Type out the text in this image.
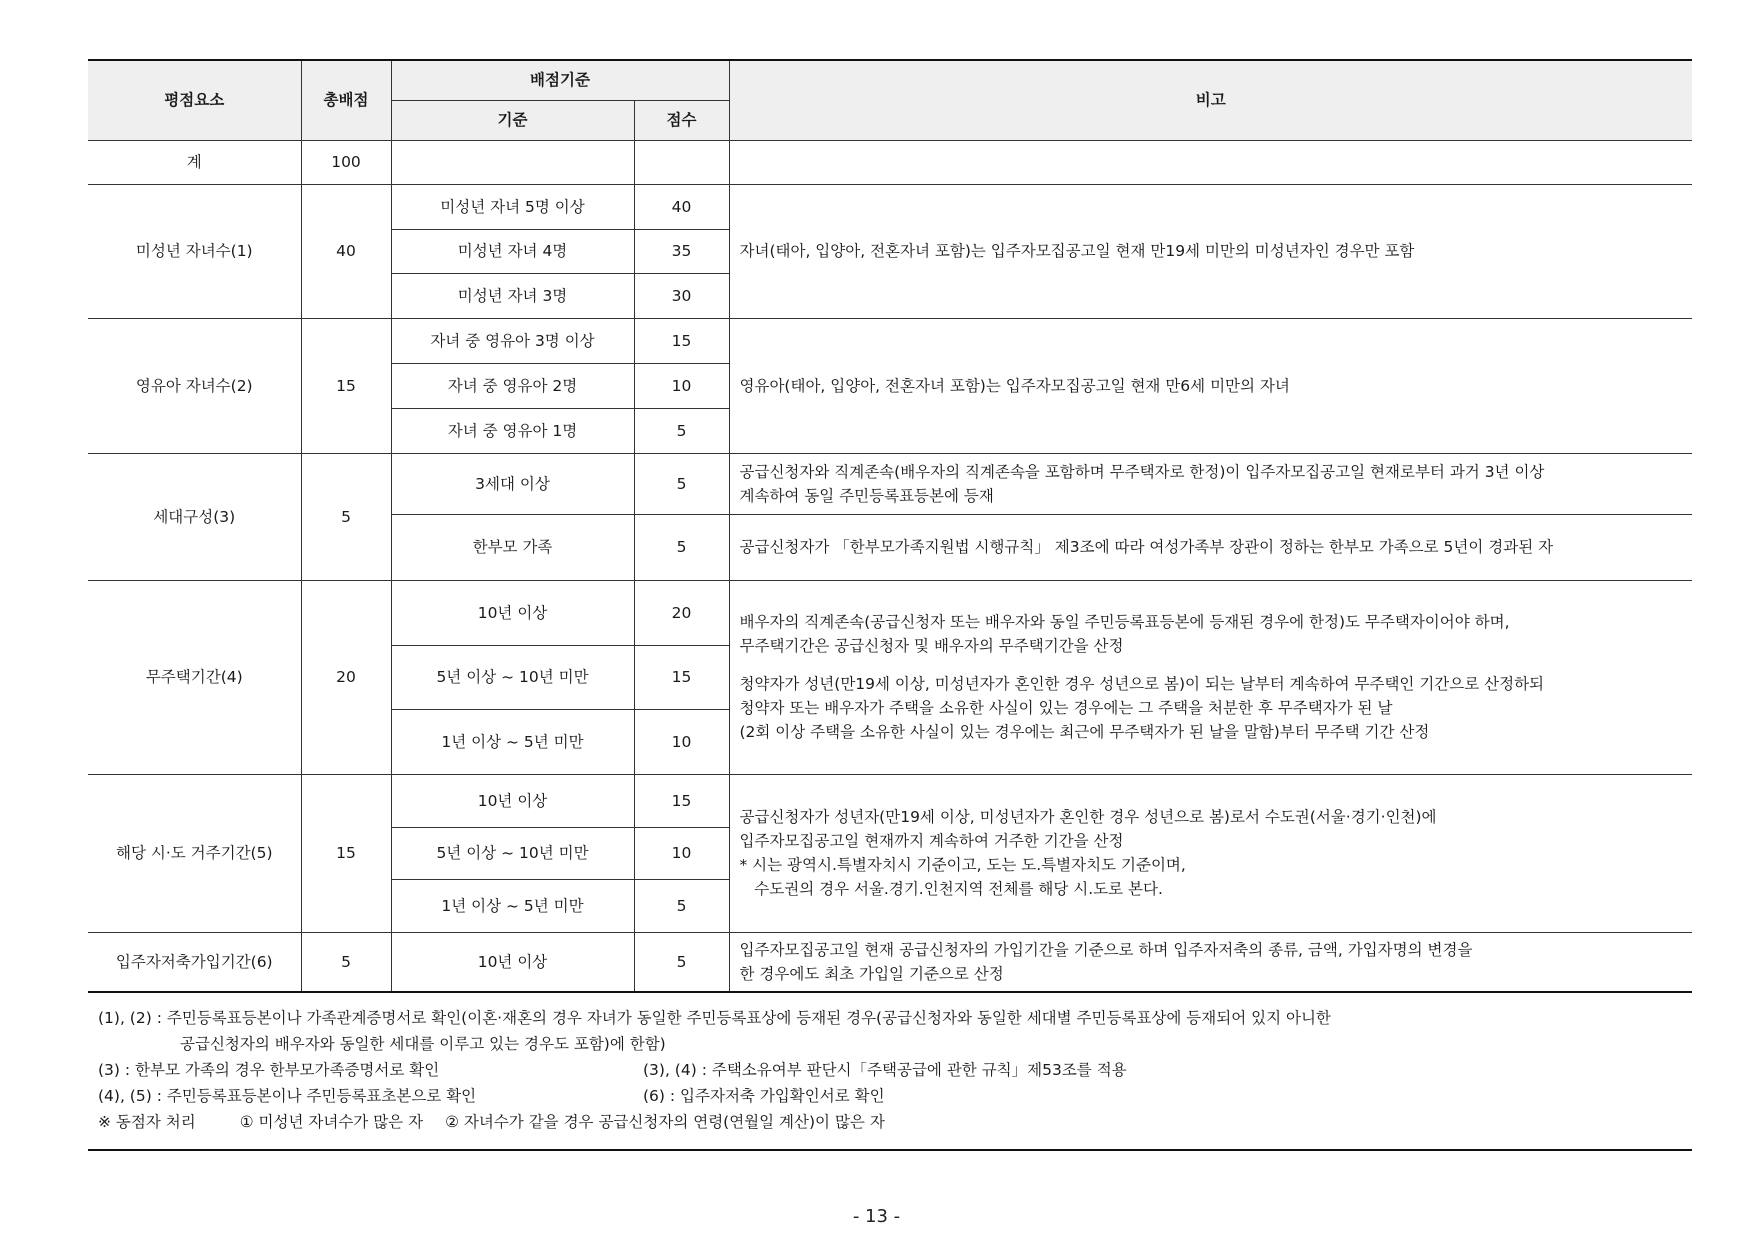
평점요소	총배점	배점기준		비고
		기준	점수	
계	100			
미성년 자녀수(1)	40	미성년 자녀 5명 이상	40	자녀(태아, 입양아, 전혼자녀 포함)는 입주자모집공고일 현재 만19세 미만의 미성년자인 경우만 포함
		미성년 자녀 4명	35	
		미성년 자녀 3명	30	
영유아 자녀수(2)	15	자녀 중 영유아 3명 이상	15	영유아(태아, 입양아, 전혼자녀 포함)는 입주자모집공고일 현재 만6세 미만의 자녀
		자녀 중 영유아 2명	10	
		자녀 중 영유아 1명	5	
세대구성(3)	5	3세대 이상	5	공급신청자와 직계존속(배우자의 직계존속을 포함하며 무주택자로 한정)이 입주자모집공고일 현재로부터 과거 3년 이상
계속하여 동일 주민등록표등본에 등재

		한부모 가족	5	공급신청자가 「한부모가족지원법 시행규칙」 제3조에 따라 여성가족부 장관이 정하는 한부모 가족으로 5년이 경과된 자

무주택기간(4)	20	10년 이상	20	배우자의 직계존속(공급신청자 또는 배우자와 동일 주민등록표등본에 등재된 경우에 한정)도 무주택자이어야 하며,
무주택기간은 공급신청자 및 배우자의 무주택기간을 산정
청약자가 성년(만19세 이상, 미성년자가 혼인한 경우 성년으로 봄)이 되는 날부터 계속하여 무주택인 기간으로 산정하되
청약자 또는 배우자가 주택을 소유한 사실이 있는 경우에는 그 주택을 처분한 후 무주택자가 된 날
(2회 이상 주택을 소유한 사실이 있는 경우에는 최근에 무주택자가 된 날을 말함)부터 무주택 기간 산정

		5년 이상 ~ 10년 미만	15	
		1년 이상 ~ 5년 미만	10	
해당 시·도 거주기간(5)	15	10년 이상	15	공급신청자가 성년자(만19세 이상, 미성년자가 혼인한 경우 성년으로 봄)로서 수도권(서울·경기·인천)에
입주자모집공고일 현재까지 계속하여 거주한 기간을 산정
* 시는 광역시.특별자치시 기준이고, 도는 도.특별자치도 기준이며,
수도권의 경우 서울.경기.인천지역 전체를 해당 시.도로 본다.

		5년 이상 ~ 10년 미만	10	
		1년 이상 ~ 5년 미만	5	
입주자저축가입기간(6)	5	10년 이상	5	입주자모집공고일 현재 공급신청자의 가입기간을 기준으로 하며 입주자저축의 종류, 금액, 가입자명의 변경을
한 경우에도 최초 가입일 기준으로 산정
(1), (2) : 주민등록표등본이나 가족관계증명서로 확인(이혼·재혼의 경우 자녀가 동일한 주민등록표상에 등재된 경우(공급신청자와 동일한 세대별 주민등록표상에 등재되어 있지 아니한
공급신청자의 배우자와 동일한 세대를 이루고 있는 경우도 포함)에 한함)
(3) : 한부모 가족의 경우 한부모가족증명서로 확인	(3), (4) : 주택소유여부 판단시「주택공급에 관한 규칙」제53조를 적용
(4), (5) : 주민등록표등본이나 주민등록표초본으로 확인	(6) : 입주자저축 가입확인서로 확인
※ 동점자 처리	① 미성년 자녀수가 많은 자 ② 자녀수가 같을 경우 공급신청자의 연령(연월일 계산)이 많은 자
- 13 -
